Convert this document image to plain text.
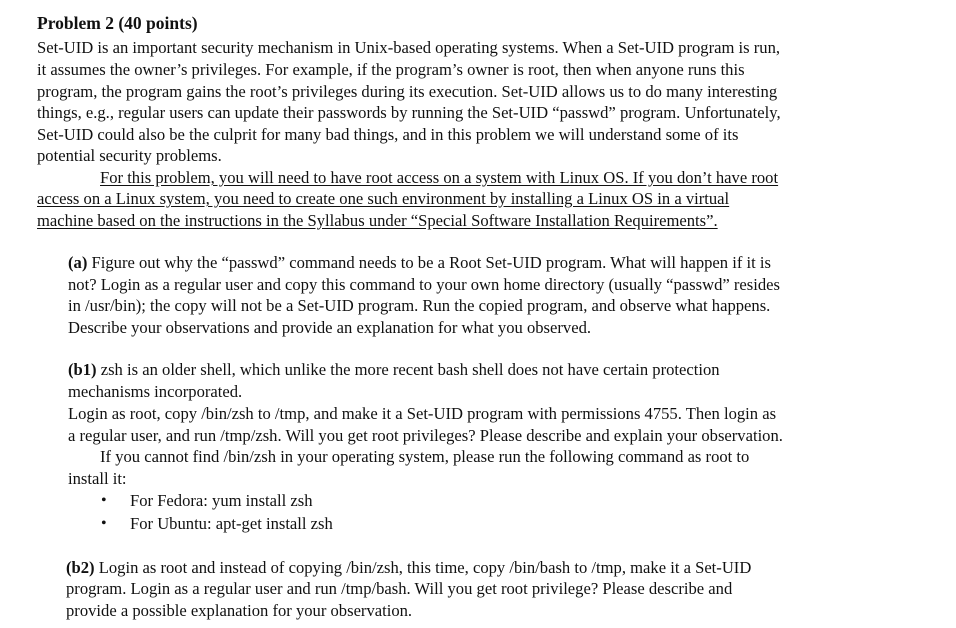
Problem 2 (40 points)
Set-UID is an important security mechanism in Unix-based operating systems. When a Set-UID program is run,
it assumes the owner’s privileges. For example, if the program’s owner is root, then when anyone runs this
program, the program gains the root’s privileges during its execution. Set-UID allows us to do many interesting
things, e.g., regular users can update their passwords by running the Set-UID “passwd” program. Unfortunately,
Set-UID could also be the culprit for many bad things, and in this problem we will understand some of its
potential security problems.
For this problem, you will need to have root access on a system with Linux OS. If you don’t have root
access on a Linux system, you need to create one such environment by installing a Linux OS in a virtual
machine based on the instructions in the Syllabus under “Special Software Installation Requirements”.
(a) Figure out why the “passwd” command needs to be a Root Set-UID program. What will happen if it is
not? Login as a regular user and copy this command to your own home directory (usually “passwd” resides
in /usr/bin); the copy will not be a Set-UID program. Run the copied program, and observe what happens.
Describe your observations and provide an explanation for what you observed.
(b1) zsh is an older shell, which unlike the more recent bash shell does not have certain protection
mechanisms incorporated.
Login as root, copy /bin/zsh to /tmp, and make it a Set-UID program with permissions 4755. Then login as
a regular user, and run /tmp/zsh. Will you get root privileges? Please describe and explain your observation.
If you cannot find /bin/zsh in your operating system, please run the following command as root to
install it:
• For Fedora: yum install zsh
• For Ubuntu: apt-get install zsh
(b2) Login as root and instead of copying /bin/zsh, this time, copy /bin/bash to /tmp, make it a Set-UID
program. Login as a regular user and run /tmp/bash. Will you get root privilege? Please describe and
provide a possible explanation for your observation.
